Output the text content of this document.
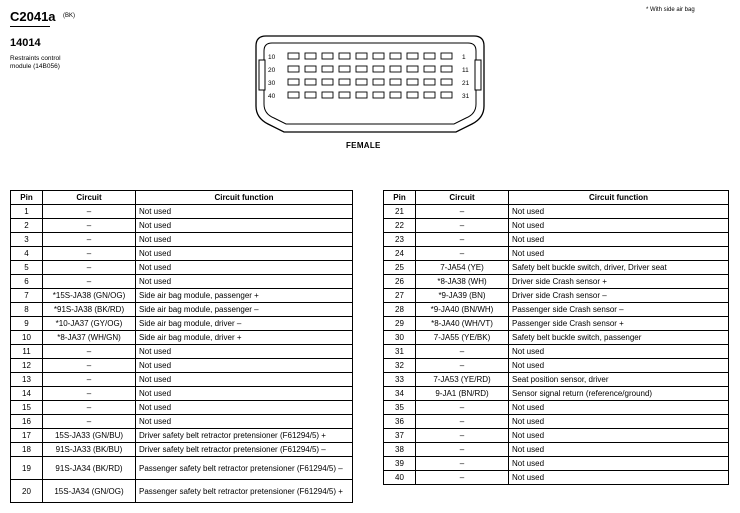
C2041a (BK)
14014
Restraints control module (14B056)
* With side air bag
10
20
30
40
1
11
21
31
FEMALE
Pin	Circuit	Circuit function
1	–	Not used
2	–	Not used
3	–	Not used
4	–	Not used
5	–	Not used
6	–	Not used
7	*15S-JA38 (GN/OG)	Side air bag module, passenger +
8	*91S-JA38 (BK/RD)	Side air bag module, passenger –
9	*10-JA37 (GY/OG)	Side air bag module, driver –
10	*8-JA37 (WH/GN)	Side air bag module, driver +
11	–	Not used
12	–	Not used
13	–	Not used
14	–	Not used
15	–	Not used
16	–	Not used
17	15S-JA33 (GN/BU)	Driver safety belt retractor pretensioner (F61294/5) +
18	91S-JA33 (BK/BU)	Driver safety belt retractor pretensioner (F61294/5) –
19	91S-JA34 (BK/RD)	Passenger safety belt retractor pretensioner (F61294/5) –
20	15S-JA34 (GN/OG)	Passenger safety belt retractor pretensioner (F61294/5) +
Pin	Circuit	Circuit function
21	–	Not used
22	–	Not used
23	–	Not used
24	–	Not used
25	7-JA54 (YE)	Safety belt buckle switch, driver, Driver seat
26	*8-JA38 (WH)	Driver side Crash sensor +
27	*9-JA39 (BN)	Driver side Crash sensor –
28	*9-JA40 (BN/WH)	Passenger side Crash sensor –
29	*8-JA40 (WH/VT)	Passenger side Crash sensor +
30	7-JA55 (YE/BK)	Safety belt buckle switch, passenger
31	–	Not used
32	–	Not used
33	7-JA53 (YE/RD)	Seat position sensor, driver
34	9-JA1 (BN/RD)	Sensor signal return (reference/ground)
35	–	Not used
36	–	Not used
37	–	Not used
38	–	Not used
39	–	Not used
40	–	Not used
